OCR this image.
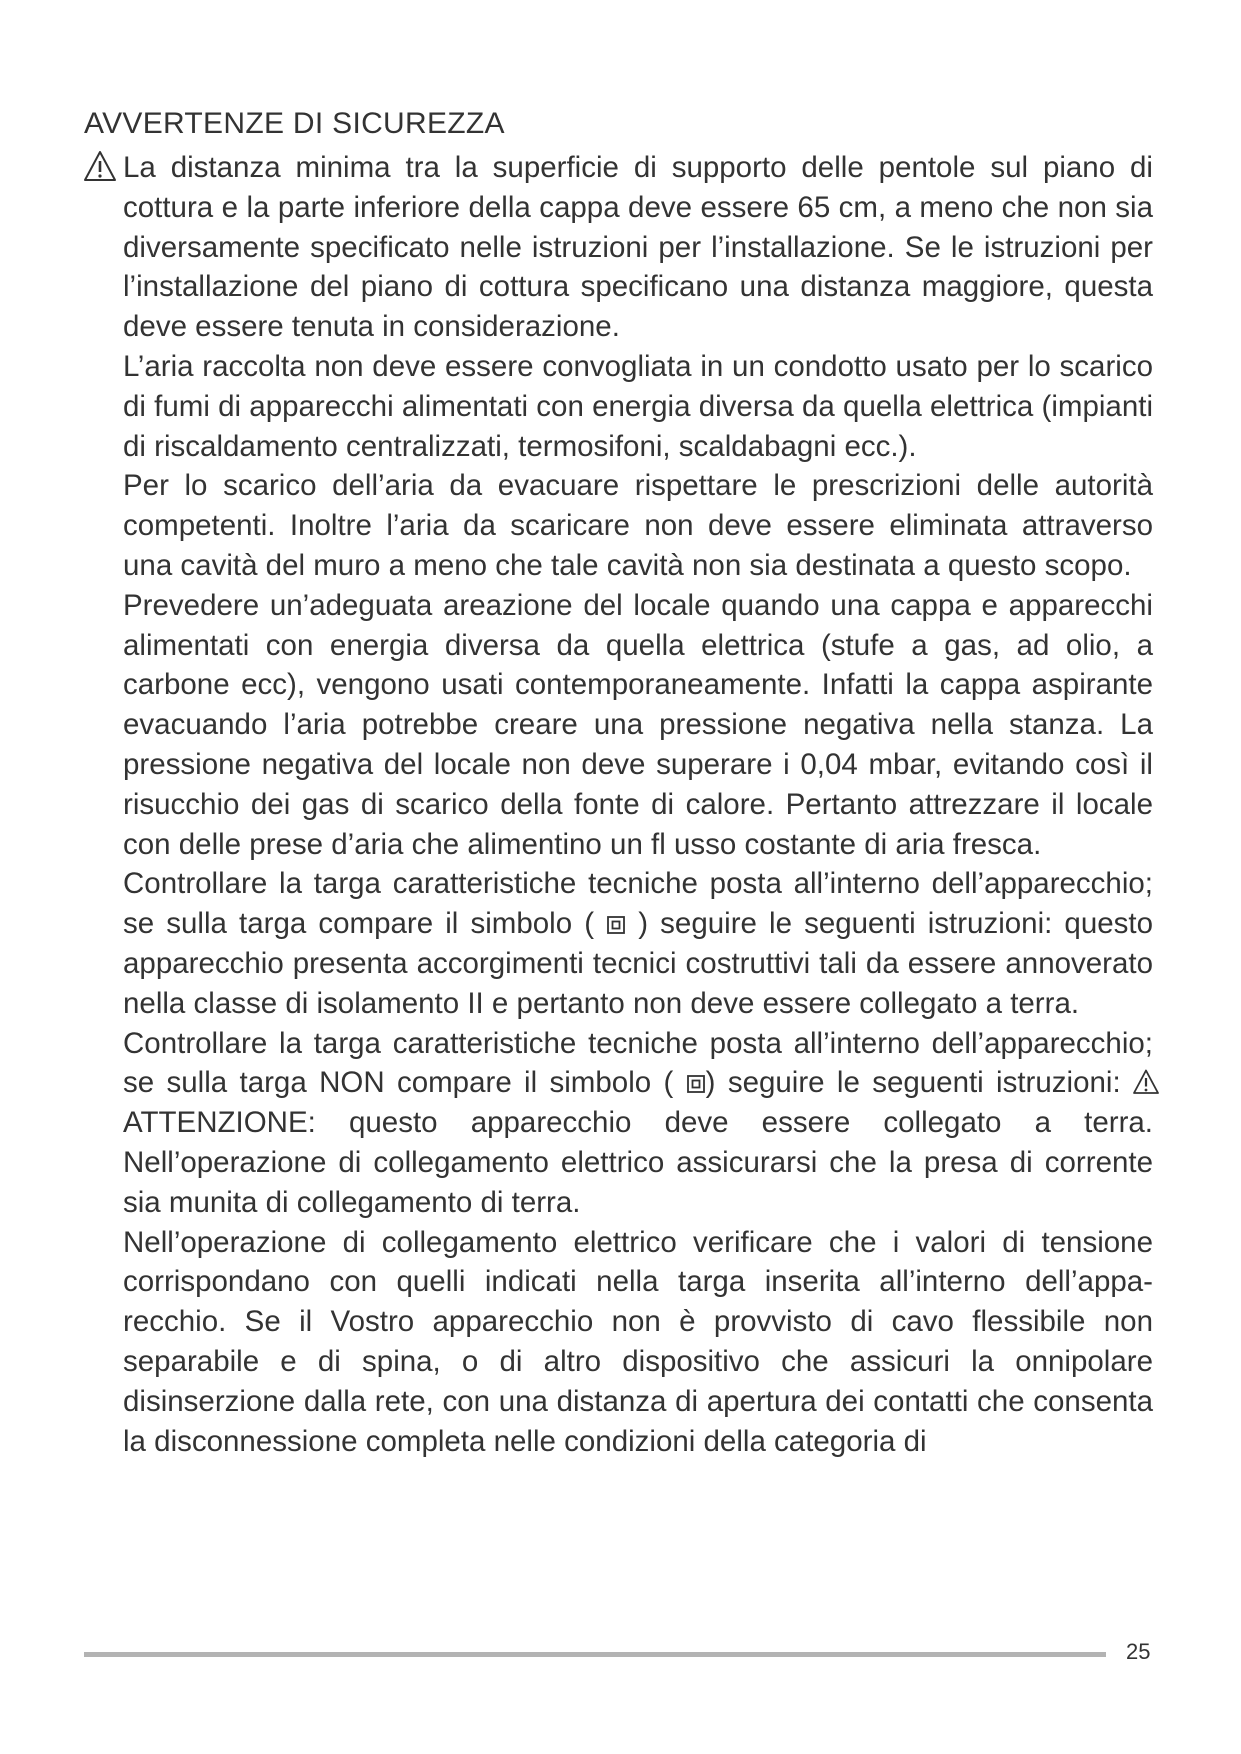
AVVERTENZE DI SICUREZZA

La distanza minima tra la superficie di supporto delle pentole sul piano di cottura e la parte inferiore della cappa deve essere 65 cm, a meno che non sia diversamente specificato nelle istruzioni per l’installazione. Se le istruzioni per l’installazione del piano di cottura specificano una distanza maggiore, questa deve essere tenuta in considerazione.

L’aria raccolta non deve essere convogliata in un condotto usato per lo scarico di fumi di apparecchi alimentati con energia diversa da quella elettrica (impianti di riscaldamento centralizzati, termosifoni, scaldabagni ecc.).

Per lo scarico dell’aria da evacuare rispettare le prescrizioni delle autorità competenti. Inoltre l’aria da scaricare non deve essere eliminata attraverso una cavità del muro a meno che tale cavità non sia destinata a questo scopo.

Prevedere un’adeguata areazione del locale quando una cappa e apparecchi alimentati con energia diversa da quella elettrica (stufe a gas, ad olio, a carbone ecc), vengono usati contemporaneamente. Infatti la cappa aspirante evacuando l’aria potrebbe creare una pressione negativa nella stanza. La pressione negativa del locale non deve superare i 0,04 mbar, evitando così il risucchio dei gas di scarico della fonte di calore. Pertanto attrezzare il locale con delle prese d’aria che alimentino un fl usso costante di aria fresca.

Controllare la targa caratteristiche tecniche posta all’interno dell’apparecchio; se sulla targa compare il simbolo ( ) seguire le seguenti istruzioni: questo apparecchio presenta accorgimenti tecnici costruttivi tali da essere annoverato nella classe di isolamento II e pertanto non deve essere collegato a terra.

Controllare la targa caratteristiche tecniche posta all’interno dell’apparecchio; se sulla targa NON compare il simbolo ( ) seguire le seguenti istruzioni: ATTENZIONE: questo apparecchio deve essere collegato a terra. Nell’operazione di collegamento elettrico assicurarsi che la presa di corrente sia munita di collegamento di terra.

Nell’operazione di collegamento elettrico verificare che i valori di tensione corrispondano con quelli indicati nella targa inserita all’interno dell’apparecchio. Se il Vostro apparecchio non è provvisto di cavo flessibile non separabile e di spina, o di altro dispositivo che assicuri la onnipolare disinserzione dalla rete, con una distanza di apertura dei contatti che consenta la disconnessione completa nelle condizioni della categoria di

25
